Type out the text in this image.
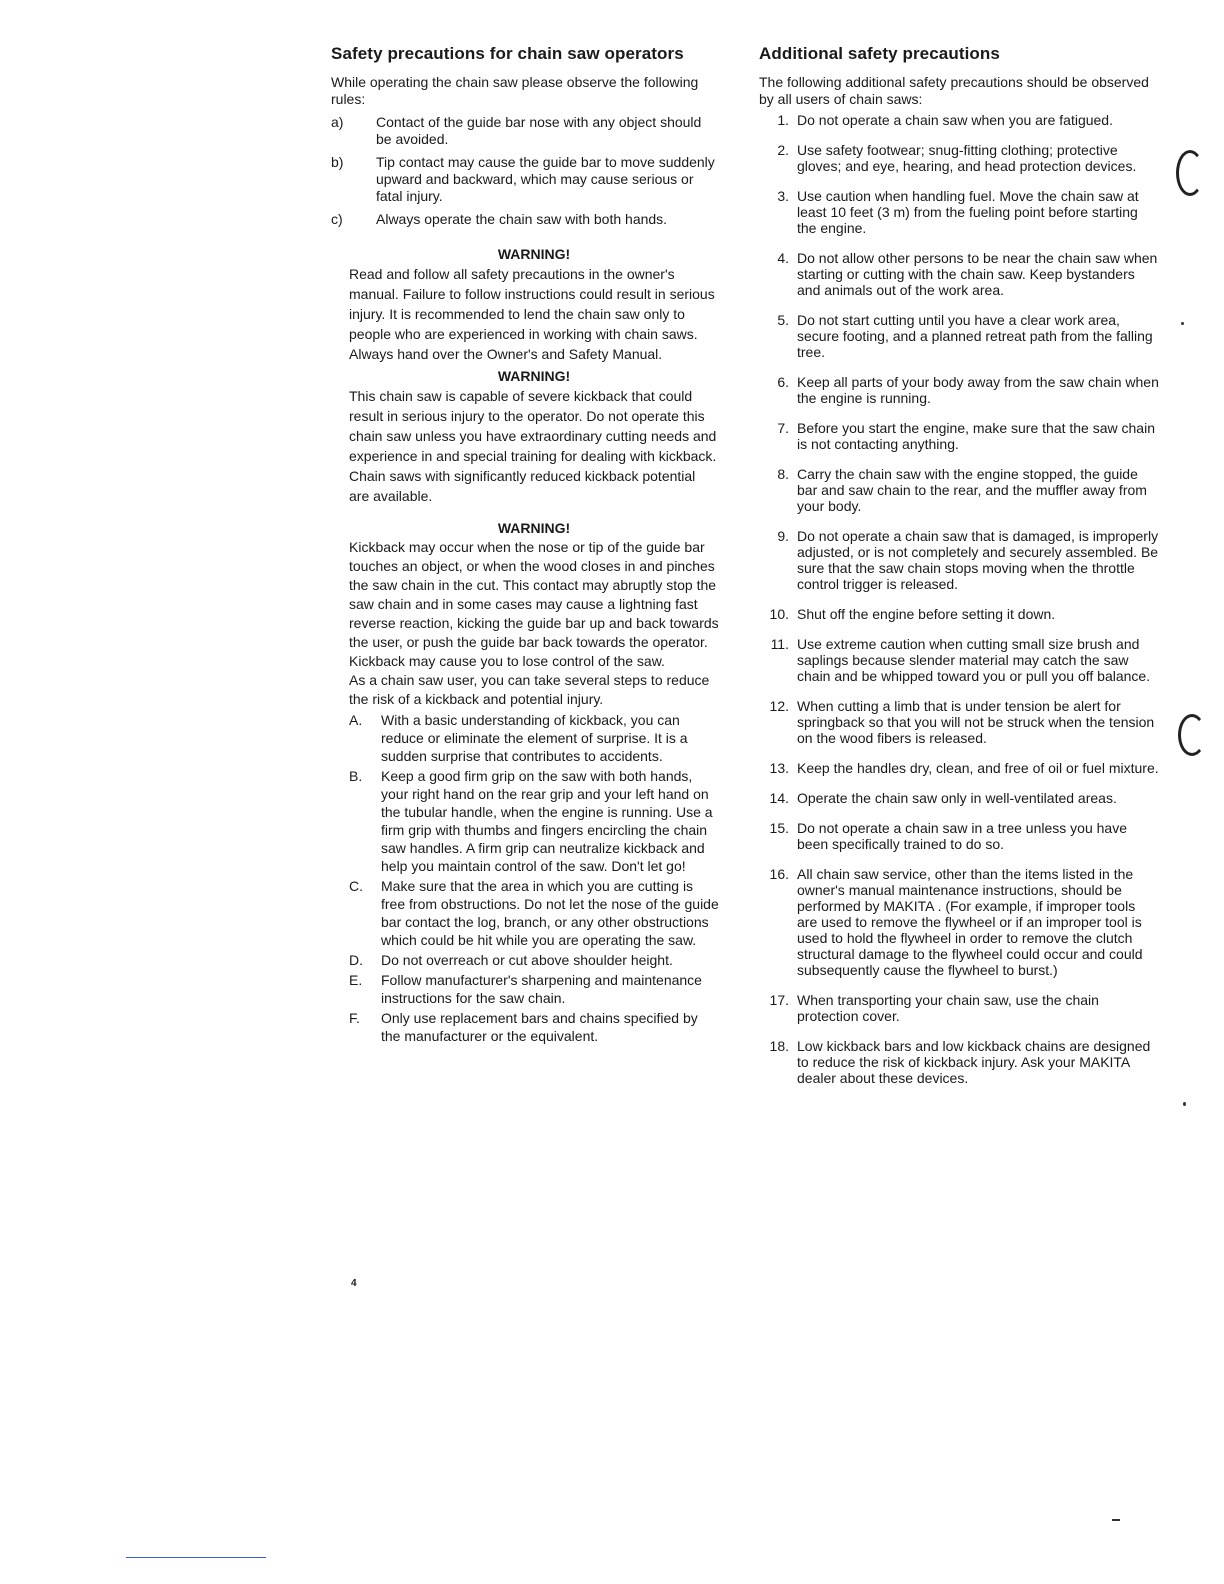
Safety precautions for chain saw operators

While operating the chain saw please observe the following rules:

a)	Contact of the guide bar nose with any object should be avoided.
b)	Tip contact may cause the guide bar to move suddenly upward and backward, which may cause serious or fatal injury.
c)	Always operate the chain saw with both hands.
WARNING!

Read and follow all safety precautions in the owner's manual. Failure to follow instructions could result in serious injury. It is recommended to lend the chain saw only to people who are experienced in working with chain saws. Always hand over the Owner's and Safety Manual.

WARNING!

This chain saw is capable of severe kickback that could result in serious injury to the operator. Do not operate this chain saw unless you have extraordinary cutting needs and experience in and special training for dealing with kickback. Chain saws with significantly reduced kickback potential are available.

WARNING!

Kickback may occur when the nose or tip of the guide bar touches an object, or when the wood closes in and pinches the saw chain in the cut. This contact may abruptly stop the saw chain and in some cases may cause a lightning fast reverse reaction, kicking the guide bar up and back towards the user, or push the guide bar back towards the operator. Kickback may cause you to lose control of the saw.

As a chain saw user, you can take several steps to reduce the risk of a kickback and potential injury.

A.	With a basic understanding of kickback, you can reduce or eliminate the element of surprise. It is a sudden surprise that contributes to accidents.
B.	Keep a good firm grip on the saw with both hands, your right hand on the rear grip and your left hand on the tubular handle, when the engine is running. Use a firm grip with thumbs and fingers encircling the chain saw handles. A firm grip can neutralize kickback and help you maintain control of the saw. Don't let go!
C.	Make sure that the area in which you are cutting is free from obstructions. Do not let the nose of the guide bar contact the log, branch, or any other obstructions which could be hit while you are operating the saw.
D.	Do not overreach or cut above shoulder height.
E.	Follow manufacturer's sharpening and maintenance instructions for the saw chain.
F.	Only use replacement bars and chains specified by the manufacturer or the equivalent.
Additional safety precautions

The following additional safety precautions should be observed by all users of chain saws:

1. Do not operate a chain saw when you are fatigued.
2. Use safety footwear; snug-fitting clothing; protective gloves; and eye, hearing, and head protection devices.
3. Use caution when handling fuel. Move the chain saw at least 10 feet (3 m) from the fueling point before starting the engine.
4. Do not allow other persons to be near the chain saw when starting or cutting with the chain saw. Keep bystanders and animals out of the work area.
5. Do not start cutting until you have a clear work area, secure footing, and a planned retreat path from the falling tree.
6. Keep all parts of your body away from the saw chain when the engine is running.
7. Before you start the engine, make sure that the saw chain is not contacting anything.
8. Carry the chain saw with the engine stopped, the guide bar and saw chain to the rear, and the muffler away from your body.
9. Do not operate a chain saw that is damaged, is improperly adjusted, or is not completely and securely assembled. Be sure that the saw chain stops moving when the throttle control trigger is released.
10. Shut off the engine before setting it down.
11. Use extreme caution when cutting small size brush and saplings because slender material may catch the saw chain and be whipped toward you or pull you off balance.
12. When cutting a limb that is under tension be alert for springback so that you will not be struck when the tension on the wood fibers is released.
13. Keep the handles dry, clean, and free of oil or fuel mixture.
14. Operate the chain saw only in well-ventilated areas.
15. Do not operate a chain saw in a tree unless you have been specifically trained to do so.
16. All chain saw service, other than the items listed in the owner's manual maintenance instructions, should be performed by MAKITA . (For example, if improper tools are used to remove the flywheel or if an improper tool is used to hold the flywheel in order to remove the clutch structural damage to the flywheel could occur and could subsequently cause the flywheel to burst.)
17. When transporting your chain saw, use the chain protection cover.
18. Low kickback bars and low kickback chains are designed to reduce the risk of kickback injury. Ask your MAKITA dealer about these devices.
4
